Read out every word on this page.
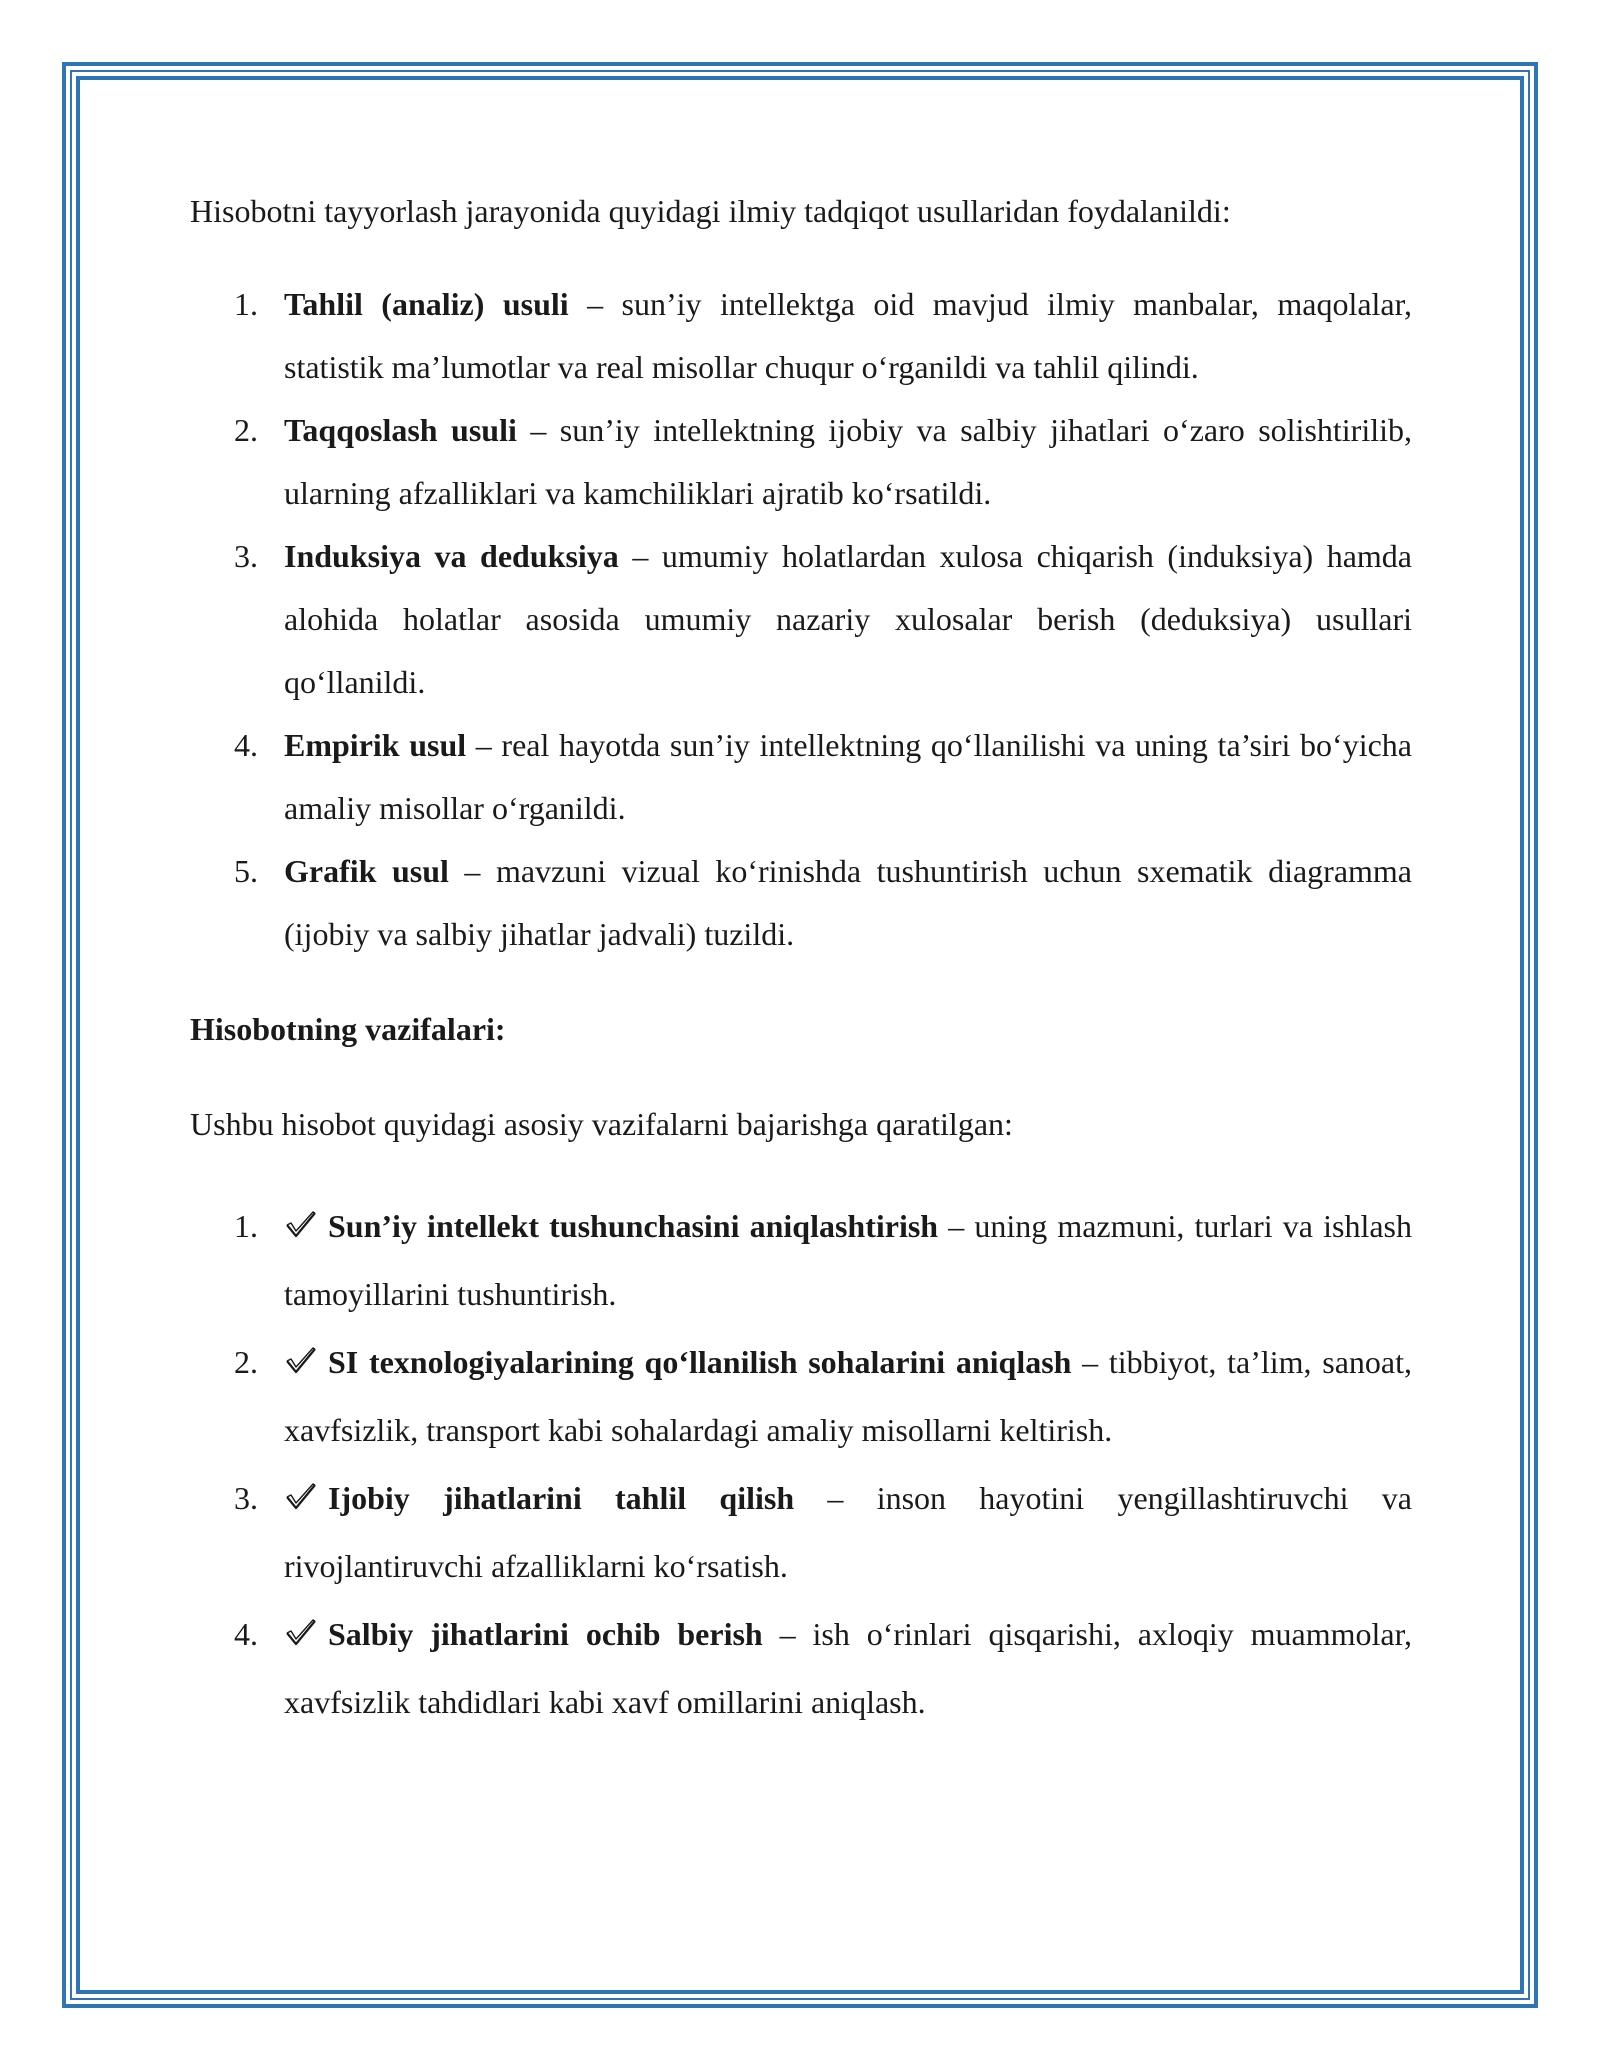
Hisobotni tayyorlash jarayonida quyidagi ilmiy tadqiqot usullaridan foydalanildi:

1. Tahlil (analiz) usuli – sun’iy intellektga oid mavjud ilmiy manbalar, maqolalar, statistik ma’lumotlar va real misollar chuqur o‘rganildi va tahlil qilindi.
2. Taqqoslash usuli – sun’iy intellektning ijobiy va salbiy jihatlari o‘zaro solishtirilib, ularning afzalliklari va kamchiliklari ajratib ko‘rsatildi.
3. Induksiya va deduksiya – umumiy holatlardan xulosa chiqarish (induksiya) hamda alohida holatlar asosida umumiy nazariy xulosalar berish (deduksiya) usullari qo‘llanildi.
4. Empirik usul – real hayotda sun’iy intellektning qo‘llanilishi va uning ta’siri bo‘yicha amaliy misollar o‘rganildi.
5. Grafik usul – mavzuni vizual ko‘rinishda tushuntirish uchun sxematik diagramma (ijobiy va salbiy jihatlar jadvali) tuzildi.

Hisobotning vazifalari:

Ushbu hisobot quyidagi asosiy vazifalarni bajarishga qaratilgan:

1. Sun’iy intellekt tushunchasini aniqlashtirish – uning mazmuni, turlari va ishlash tamoyillarini tushuntirish.
2. SI texnologiyalarining qo‘llanilish sohalarini aniqlash – tibbiyot, ta’lim, sanoat, xavfsizlik, transport kabi sohalardagi amaliy misollarni keltirish.
3. Ijobiy jihatlarini tahlil qilish – inson hayotini yengillashtiruvchi va rivojlantiruvchi afzalliklarni ko‘rsatish.
4. Salbiy jihatlarini ochib berish – ish o‘rinlari qisqarishi, axloqiy muammolar, xavfsizlik tahdidlari kabi xavf omillarini aniqlash.
